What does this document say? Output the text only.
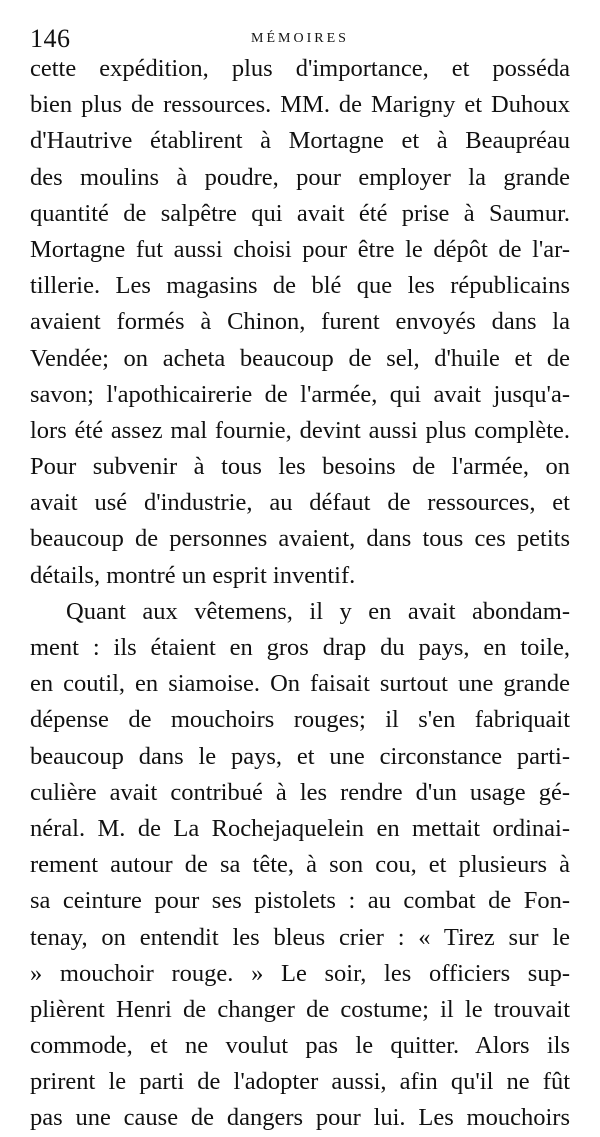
146	MÉMOIRES
cette expédition, plus d'importance, et posséda
bien plus de ressources. MM. de Marigny et Duhoux
d'Hautrive établirent à Mortagne et à Beaupréau
des moulins à poudre, pour employer la grande
quantité de salpêtre qui avait été prise à Saumur.
Mortagne fut aussi choisi pour être le dépôt de l'ar-
tillerie. Les magasins de blé que les républicains
avaient formés à Chinon, furent envoyés dans la
Vendée; on acheta beaucoup de sel, d'huile et de
savon; l'apothicairerie de l'armée, qui avait jusqu'a-
lors été assez mal fournie, devint aussi plus complète.
Pour subvenir à tous les besoins de l'armée, on
avait usé d'industrie, au défaut de ressources, et
beaucoup de personnes avaient, dans tous ces petits
détails, montré un esprit inventif.
Quant aux vêtemens, il y en avait abondam-
ment : ils étaient en gros drap du pays, en toile,
en coutil, en siamoise. On faisait surtout une grande
dépense de mouchoirs rouges; il s'en fabriquait
beaucoup dans le pays, et une circonstance parti-
culière avait contribué à les rendre d'un usage gé-
néral. M. de La Rochejaquelein en mettait ordinai-
rement autour de sa tête, à son cou, et plusieurs à
sa ceinture pour ses pistolets : au combat de Fon-
tenay, on entendit les bleus crier : « Tirez sur le
» mouchoir rouge. » Le soir, les officiers sup-
plièrent Henri de changer de costume; il le trouvait
commode, et ne voulut pas le quitter. Alors ils
prirent le parti de l'adopter aussi, afin qu'il ne fût
pas une cause de dangers pour lui. Les mouchoirs
